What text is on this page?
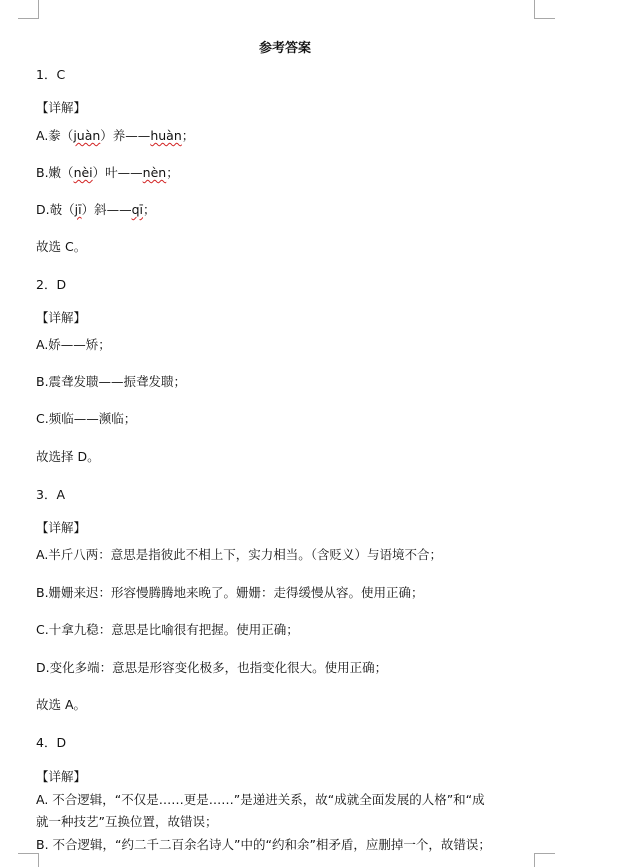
参考答案
1．C
【详解】
A.豢（juàn）养——huàn；
B.嫩（nèi）叶——nèn；
D.攲（jī）斜——qī；
故选 C。
2．D
【详解】
A.娇——矫；
B.震聋发聩——振聋发聩；
C.频临——濒临；
故选择 D。
3．A
【详解】
A.半斤八两：意思是指彼此不相上下，实力相当。（含贬义）与语境不合；
B.姗姗来迟：形容慢腾腾地来晚了。姗姗：走得缓慢从容。使用正确；
C.十拿九稳：意思是比喻很有把握。使用正确；
D.变化多端：意思是形容变化极多，也指变化很大。使用正确；
故选 A。
4．D
【详解】
A. 不合逻辑，“不仅是……更是……”是递进关系，故“成就全面发展的人格”和“成
就一种技艺”互换位置，故错误；
B. 不合逻辑，“约二千二百余名诗人”中的“约和余”相矛盾，应删掉一个，故错误；
